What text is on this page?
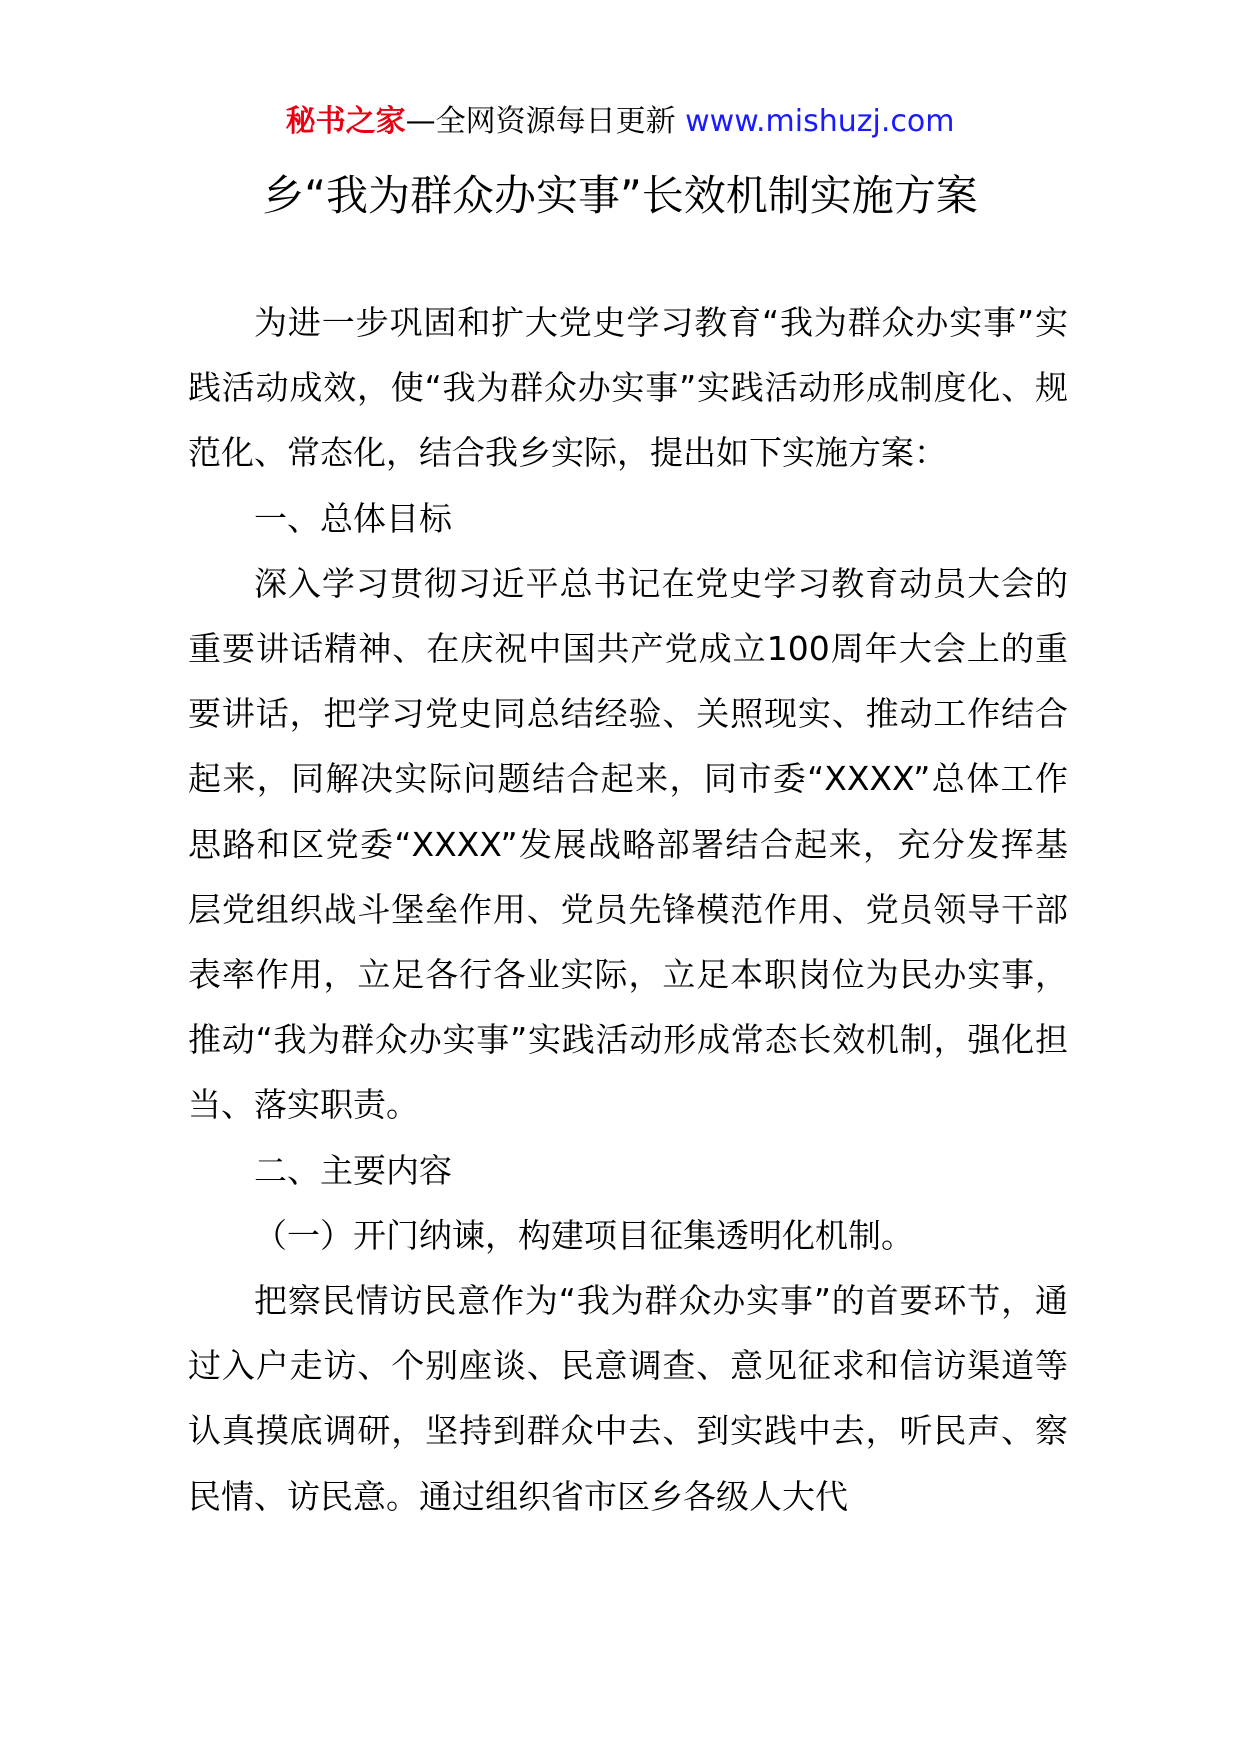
秘书之家—全网资源每日更新 www.mishuzj.com
乡“我为群众办实事”长效机制实施方案

为进一步巩固和扩大党史学习教育“我为群众办实事”实践活动成效，使“我为群众办实事”实践活动形成制度化、规范化、常态化，结合我乡实际，提出如下实施方案：

一、总体目标

深入学习贯彻习近平总书记在党史学习教育动员大会的重要讲话精神、在庆祝中国共产党成立100周年大会上的重要讲话，把学习党史同总结经验、关照现实、推动工作结合起来，同解决实际问题结合起来，同市委“XXXX”总体工作思路和区党委“XXXX”发展战略部署结合起来，充分发挥基层党组织战斗堡垒作用、党员先锋模范作用、党员领导干部表率作用，立足各行各业实际，立足本职岗位为民办实事，推动“我为群众办实事”实践活动形成常态长效机制，强化担当、落实职责。

二、主要内容

（一）开门纳谏，构建项目征集透明化机制。

把察民情访民意作为“我为群众办实事”的首要环节，通过入户走访、个别座谈、民意调查、意见征求和信访渠道等认真摸底调研，坚持到群众中去、到实践中去，听民声、察民情、访民意。通过组织省市区乡各级人大代
